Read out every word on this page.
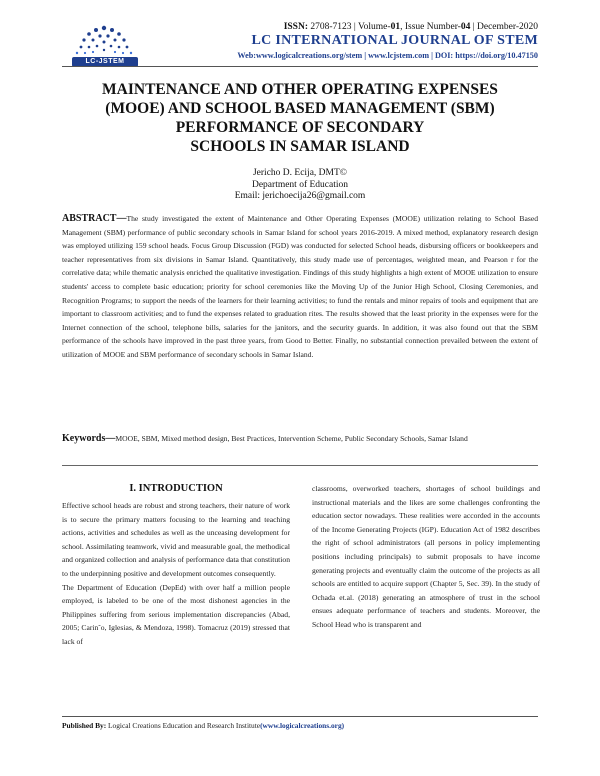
LC-JSTEM
ISSN: 2708-7123 | Volume-01, Issue Number-04 | December-2020
LC INTERNATIONAL JOURNAL OF STEM
Web:www.logicalcreations.org/stem | www.lcjstem.com | DOI: https://doi.org/10.47150
MAINTENANCE AND OTHER OPERATING EXPENSES
(MOOE) AND SCHOOL BASED MANAGEMENT (SBM)
PERFORMANCE OF SECONDARY
SCHOOLS IN SAMAR ISLAND
Jericho D. Ecija, DMT©
Department of Education
Email: jerichoecija26@gmail.com
ABSTRACT—The study investigated the extent of Maintenance and Other Operating Expenses (MOOE) utilization relating to School Based Management (SBM) performance of public secondary schools in Samar Island for school years 2016-2019. A mixed method, explanatory research design was employed utilizing 159 school heads. Focus Group Discussion (FGD) was conducted for selected School heads, disbursing officers or bookkeepers and teacher representatives from six divisions in Samar Island. Quantitatively, this study made use of percentages, weighted mean, and Pearson r for the correlative data; while thematic analysis enriched the qualitative investigation. Findings of this study highlights a high extent of MOOE utilization to ensure students' access to complete basic education; priority for school ceremonies like the Moving Up of the Junior High School, Closing Ceremonies, and Recognition Programs; to support the needs of the learners for their learning activities; to fund the rentals and minor repairs of tools and equipment that are important to classroom activities; and to fund the expenses related to graduation rites. The results showed that the least priority in the expenses were for the Internet connection of the school, telephone bills, salaries for the janitors, and the security guards. In addition, it was also found out that the SBM performance of the schools have improved in the past three years, from Good to Better. Finally, no substantial connection prevailed between the extent of utilization of MOOE and SBM performance of secondary schools in Samar Island.
Keywords—MOOE, SBM, Mixed method design, Best Practices, Intervention Scheme, Public Secondary Schools, Samar Island
I. INTRODUCTION

Effective school heads are robust and strong teachers, their nature of work is to secure the primary matters focusing to the learning and teaching actions, activities and schedules as well as the unceasing development for school. Assimilating teamwork, vivid and measurable goal, the methodical and organized collection and analysis of performance data that constitution to the underpinning positive and development outcomes consequently.

The Department of Education (DepEd) with over half a million people employed, is labeled to be one of the most dishonest agencies in the Philippines suffering from serious implementation discrepancies (Abad, 2005; Carin˜o, Iglesias, & Mendoza, 1998). Tomacruz (2019) stressed that lack of

classrooms, overworked teachers, shortages of school buildings and instructional materials and the likes are some challenges confronting the education sector nowadays. These realities were accorded in the accounts of the Income Generating Projects (IGP). Education Act of 1982 describes the right of school administrators (all persons in policy implementing positions including principals) to submit proposals to have income generating projects and eventually claim the outcome of the projects as all schools are entitled to acquire support (Chapter 5, Sec. 39). In the study of Ochada et.al. (2018) generating an atmosphere of trust in the school ensues adequate performance of teachers and students. Moreover, the School Head who is transparent and

Published By: Logical Creations Education and Research Institute(www.logicalcreations.org)
